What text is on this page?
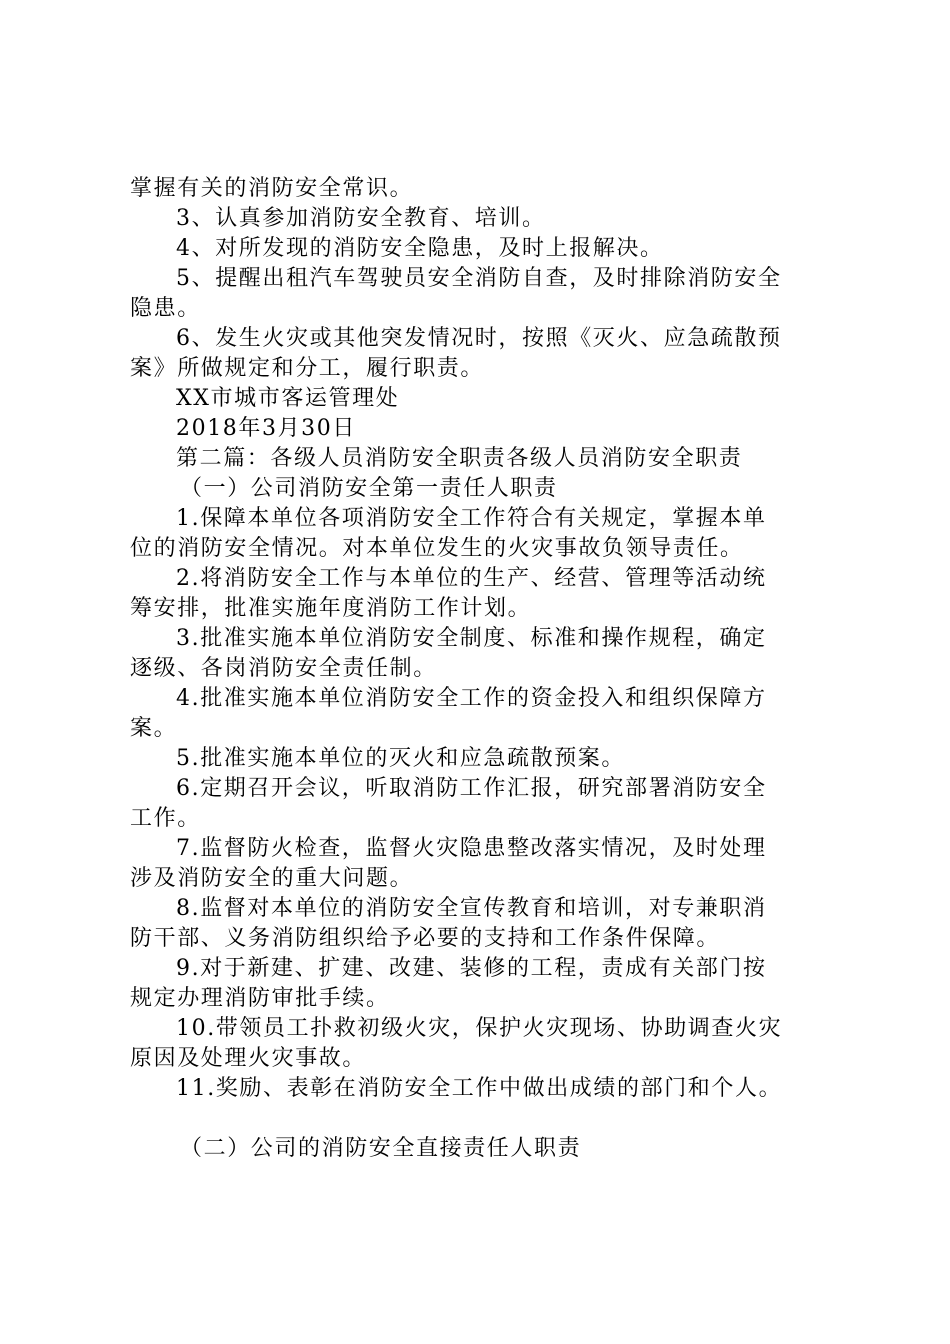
掌握有关的消防安全常识。
3、认真参加消防安全教育、培训。
4、对所发现的消防安全隐患，及时上报解决。
5、提醒出租汽车驾驶员安全消防自查，及时排除消防安全
隐患。
6、发生火灾或其他突发情况时，按照《灭火、应急疏散预
案》所做规定和分工，履行职责。
XX市城市客运管理处
2018年3月30日
第二篇：各级人员消防安全职责各级人员消防安全职责
（一）公司消防安全第一责任人职责
1.保障本单位各项消防安全工作符合有关规定，掌握本单
位的消防安全情况。对本单位发生的火灾事故负领导责任。
2.将消防安全工作与本单位的生产、经营、管理等活动统
筹安排，批准实施年度消防工作计划。
3.批准实施本单位消防安全制度、标准和操作规程，确定
逐级、各岗消防安全责任制。
4.批准实施本单位消防安全工作的资金投入和组织保障方
案。
5.批准实施本单位的灭火和应急疏散预案。
6.定期召开会议，听取消防工作汇报，研究部署消防安全
工作。
7.监督防火检查，监督火灾隐患整改落实情况，及时处理
涉及消防安全的重大问题。
8.监督对本单位的消防安全宣传教育和培训，对专兼职消
防干部、义务消防组织给予必要的支持和工作条件保障。
9.对于新建、扩建、改建、装修的工程，责成有关部门按
规定办理消防审批手续。
10.带领员工扑救初级火灾，保护火灾现场、协助调查火灾
原因及处理火灾事故。
11.奖励、表彰在消防安全工作中做出成绩的部门和个人。
（二）公司的消防安全直接责任人职责
